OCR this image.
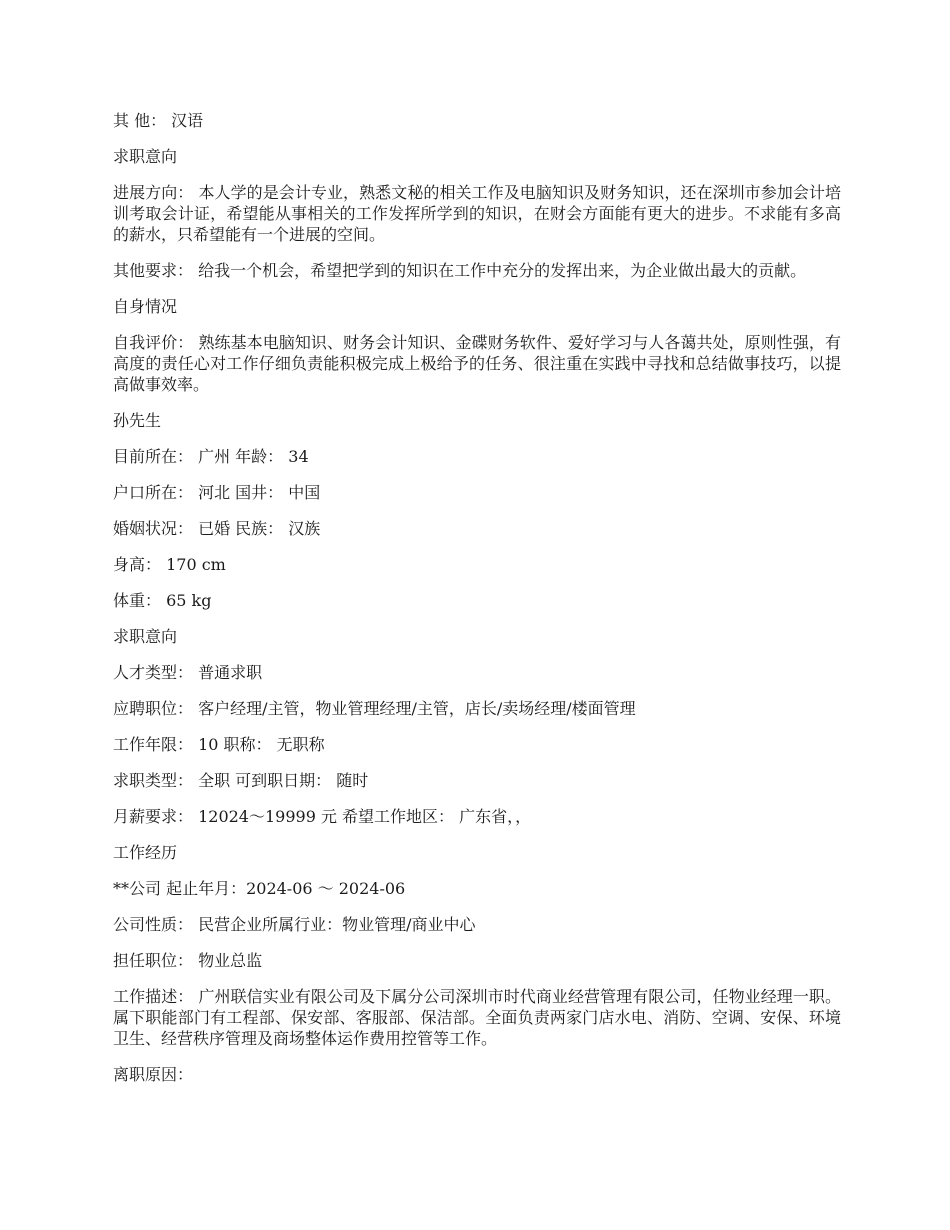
其 他： 汉语

求职意向

进展方向： 本人学的是会计专业，熟悉文秘的相关工作及电脑知识及财务知识，还在深圳市参加会计培训考取会计证，希望能从事相关的工作发挥所学到的知识，在财会方面能有更大的进步。不求能有多高的薪水，只希望能有一个进展的空间。

其他要求： 给我一个机会，希望把学到的知识在工作中充分的发挥出来，为企业做出最大的贡献。

自身情况

自我评价： 熟练基本电脑知识、财务会计知识、金碟财务软件、爱好学习与人各蔼共处，原则性强，有高度的责任心对工作仔细负责能积极完成上极给予的任务、很注重在实践中寻找和总结做事技巧，以提高做事效率。

孙先生

目前所在： 广州 年龄： 34

户口所在： 河北 国井： 中国

婚姻状况： 已婚 民族： 汉族

身高： 170 cm

体重： 65 kg

求职意向

人才类型： 普通求职

应聘职位： 客户经理/主管，物业管理经理/主管，店长/卖场经理/楼面管理

工作年限： 10 职称： 无职称

求职类型： 全职 可到职日期： 随时

月薪要求： 12024～19999 元 希望工作地区： 广东省，，

工作经历

**公司 起止年月：2024-06 ～ 2024-06

公司性质： 民营企业所属行业：物业管理/商业中心

担任职位： 物业总监

工作描述： 广州联信实业有限公司及下属分公司深圳市时代商业经营管理有限公司，任物业经理一职。属下职能部门有工程部、保安部、客服部、保洁部。全面负责两家门店水电、消防、空调、安保、环境卫生、经营秩序管理及商场整体运作费用控管等工作。

离职原因：
